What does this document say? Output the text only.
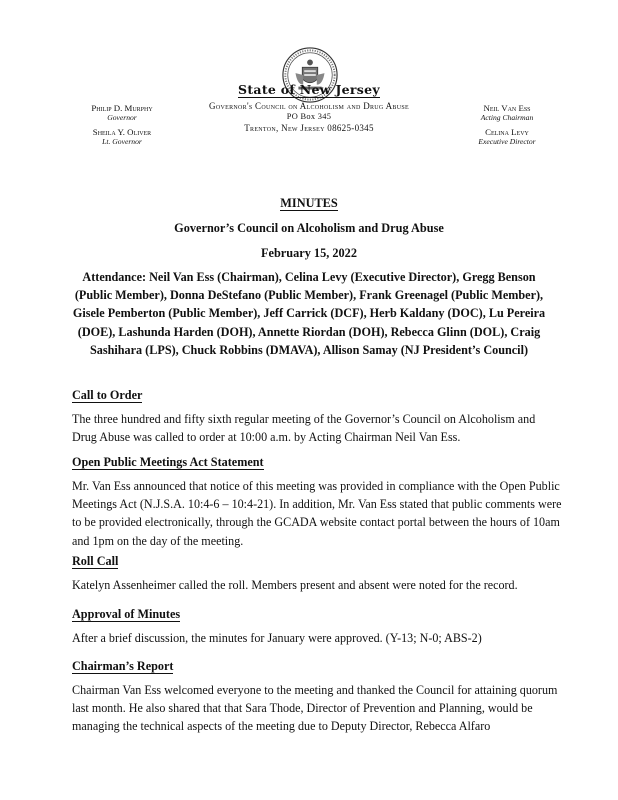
State of New Jersey
Governor's Council on Alcoholism and Drug Abuse
PO Box 345
Trenton, New Jersey 08625-0345
Philip D. Murphy
Governor
Sheila Y. Oliver
Lt. Governor
Neil Van Ess
Acting Chairman
Celina Levy
Executive Director
MINUTES
Governor’s Council on Alcoholism and Drug Abuse
February 15, 2022
Attendance: Neil Van Ess (Chairman), Celina Levy (Executive Director), Gregg Benson (Public Member), Donna DeStefano (Public Member), Frank Greenagel (Public Member), Gisele Pemberton (Public Member), Jeff Carrick (DCF), Herb Kaldany (DOC), Lu Pereira (DOE), Lashunda Harden (DOH), Annette Riordan (DOH), Rebecca Glinn (DOL), Craig Sashihara (LPS), Chuck Robbins (DMAVA), Allison Samay (NJ President’s Council)
Call to Order
The three hundred and fifty sixth regular meeting of the Governor’s Council on Alcoholism and Drug Abuse was called to order at 10:00 a.m. by Acting Chairman Neil Van Ess.
Open Public Meetings Act Statement
Mr. Van Ess announced that notice of this meeting was provided in compliance with the Open Public Meetings Act (N.J.S.A. 10:4-6 – 10:4-21). In addition, Mr. Van Ess stated that public comments were to be provided electronically, through the GCADA website contact portal between the hours of 10am and 1pm on the day of the meeting.
Roll Call
Katelyn Assenheimer called the roll. Members present and absent were noted for the record.
Approval of Minutes
After a brief discussion, the minutes for January were approved. (Y-13; N-0; ABS-2)
Chairman’s Report
Chairman Van Ess welcomed everyone to the meeting and thanked the Council for attaining quorum last month. He also shared that that Sara Thode, Director of Prevention and Planning, would be managing the technical aspects of the meeting due to Deputy Director, Rebecca Alfaro
